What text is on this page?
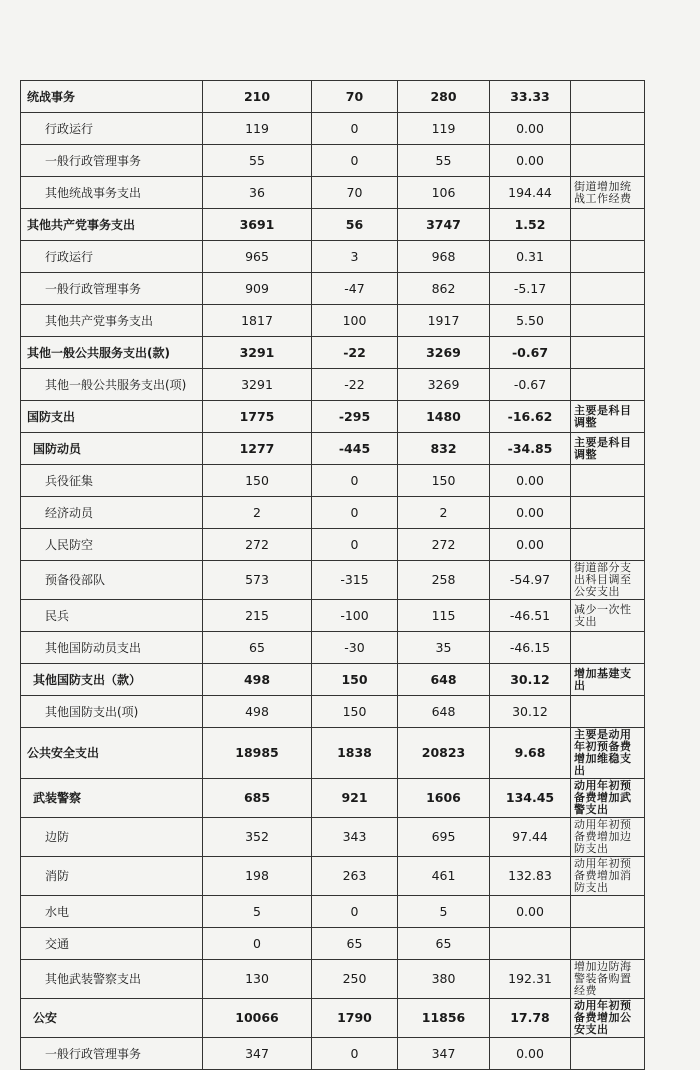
统战事务	210	70	280	33.33	
行政运行	119	0	119	0.00	
一般行政管理事务	55	0	55	0.00	
其他统战事务支出	36	70	106	194.44	街道增加统战工作经费
其他共产党事务支出	3691	56	3747	1.52	
行政运行	965	3	968	0.31	
一般行政管理事务	909	-47	862	-5.17	
其他共产党事务支出	1817	100	1917	5.50	
其他一般公共服务支出(款)	3291	-22	3269	-0.67	
其他一般公共服务支出(项)	3291	-22	3269	-0.67	
国防支出	1775	-295	1480	-16.62	主要是科目调整
国防动员	1277	-445	832	-34.85	主要是科目调整
兵役征集	150	0	150	0.00	
经济动员	2	0	2	0.00	
人民防空	272	0	272	0.00	
预备役部队	573	-315	258	-54.97	街道部分支出科目调至公安支出
民兵	215	-100	115	-46.51	减少一次性支出
其他国防动员支出	65	-30	35	-46.15	
其他国防支出（款）	498	150	648	30.12	增加基建支出
其他国防支出(项)	498	150	648	30.12	
公共安全支出	18985	1838	20823	9.68	主要是动用年初预备费增加维稳支出
武装警察	685	921	1606	134.45	动用年初预备费增加武警支出
边防	352	343	695	97.44	动用年初预备费增加边防支出
消防	198	263	461	132.83	动用年初预备费增加消防支出
水电	5	0	5	0.00	
交通	0	65	65		
其他武装警察支出	130	250	380	192.31	增加边防海警装备购置经费
公安	10066	1790	11856	17.78	动用年初预备费增加公安支出
一般行政管理事务	347	0	347	0.00	
